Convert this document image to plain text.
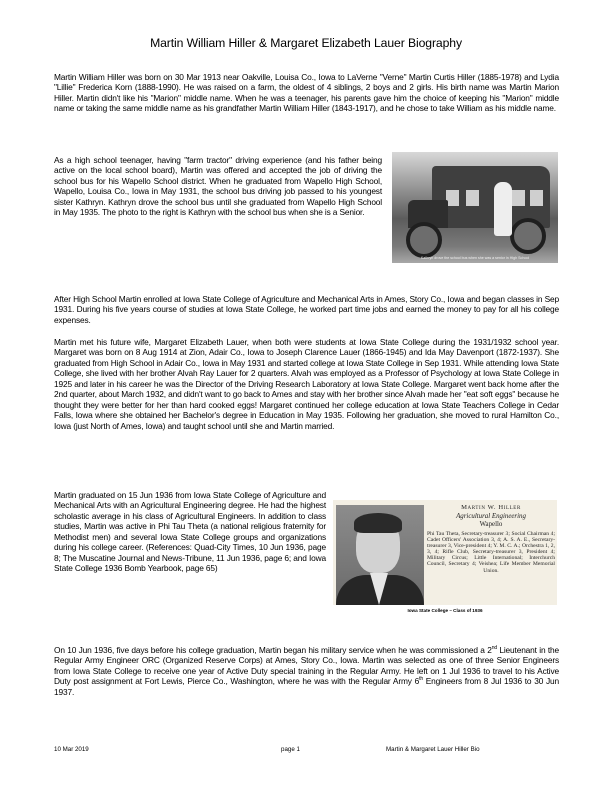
Martin William Hiller & Margaret Elizabeth Lauer Biography

Martin William Hiller was born on 30 Mar 1913 near Oakville, Louisa Co., Iowa to LaVerne "Verne" Martin Curtis Hiller (1885-1978) and Lydia "Lillie" Frederica Korn (1888-1990). He was raised on a farm, the oldest of 4 siblings, 2 boys and 2 girls. His birth name was Martin Marion Hiller. Martin didn't like his "Marion" middle name. When he was a teenager, his parents gave him the choice of keeping his "Marion" middle name or taking the same middle name as his grandfather Martin William Hiller (1843-1917), and he chose to take William as his middle name.

As a high school teenager, having "farm tractor" driving experience (and his father being active on the local school board), Martin was offered and accepted the job of driving the school bus for his Wapello School district. When he graduated from Wapello High School, Wapello, Louisa Co., Iowa in May 1931, the school bus driving job passed to his youngest sister Kathryn. Kathryn drove the school bus until she graduated from Wapello High School in May 1935. The photo to the right is Kathryn with the school bus when she is a Senior.

Kathryn drove the school bus when she was a senior in High School

After High School Martin enrolled at Iowa State College of Agriculture and Mechanical Arts in Ames, Story Co., Iowa and began classes in Sep 1931. During his five years course of studies at Iowa State College, he worked part time jobs and earned the money to pay for all his college expenses.

Martin met his future wife, Margaret Elizabeth Lauer, when both were students at Iowa State College during the 1931/1932 school year. Margaret was born on 8 Aug 1914 at Zion, Adair Co., Iowa to Joseph Clarence Lauer (1866-1945) and Ida May Davenport (1872-1937). She graduated from High School in Adair Co., Iowa in May 1931 and started college at Iowa State College in Sep 1931. While attending Iowa State College, she lived with her brother Alvah Ray Lauer for 2 quarters. Alvah was employed as a Professor of Psychology at Iowa State College in 1925 and later in his career he was the Director of the Driving Research Laboratory at Iowa State College. Margaret went back home after the 2nd quarter, about March 1932, and didn't want to go back to Ames and stay with her brother since Alvah made her "eat soft eggs" because he thought they were better for her than hard cooked eggs! Margaret continued her college education at Iowa State Teachers College in Cedar Falls, Iowa where she obtained her Bachelor's degree in Education in May 1935. Following her graduation, she moved to rural Hamilton Co., Iowa (just North of Ames, Iowa) and taught school until she and Martin married.

Martin graduated on 15 Jun 1936 from Iowa State College of Agriculture and Mechanical Arts with an Agricultural Engineering degree. He had the highest scholastic average in his class of Agricultural Engineers. In addition to class studies, Martin was active in Phi Tau Theta (a national religious fraternity for Methodist men) and several Iowa State College groups and organizations during his college career. (References: Quad-City Times, 10 Jun 1936, page 8; The Muscatine Journal and News-Tribune, 11 Jun 1936, page 6; and Iowa State College 1936 Bomb Yearbook, page 65)

Martin W. Hiller
Agricultural Engineering
Wapello
Phi Tau Theta, Secretary-treasurer 3; Social Chairman 4; Cadet Officers' Association 3, 4; A. S. A. E., Secretary-treasurer 3, Vice-president 4; Y. M. C. A.; Orchestra 1, 2, 3, 4; Rifle Club, Secretary-treasurer 3, President 4; Military Circus; Little International; Interchurch Council, Secretary 4; Veishea; Life Member Memorial Union.
Iowa State College – Class of 1936

On 10 Jun 1936, five days before his college graduation, Martin began his military service when he was commissioned a 2nd Lieutenant in the Regular Army Engineer ORC (Organized Reserve Corps) at Ames, Story Co., Iowa. Martin was selected as one of three Senior Engineers from Iowa State College to receive one year of Active Duty special training in the Regular Army. He left on 1 Jul 1936 to travel to his Active Duty post assignment at Fort Lewis, Pierce Co., Washington, where he was with the Regular Army 6th Engineers from 8 Jul 1936 to 30 Jun 1937.

10 Mar 2019	page 1	Martin & Margaret Lauer Hiller Bio
